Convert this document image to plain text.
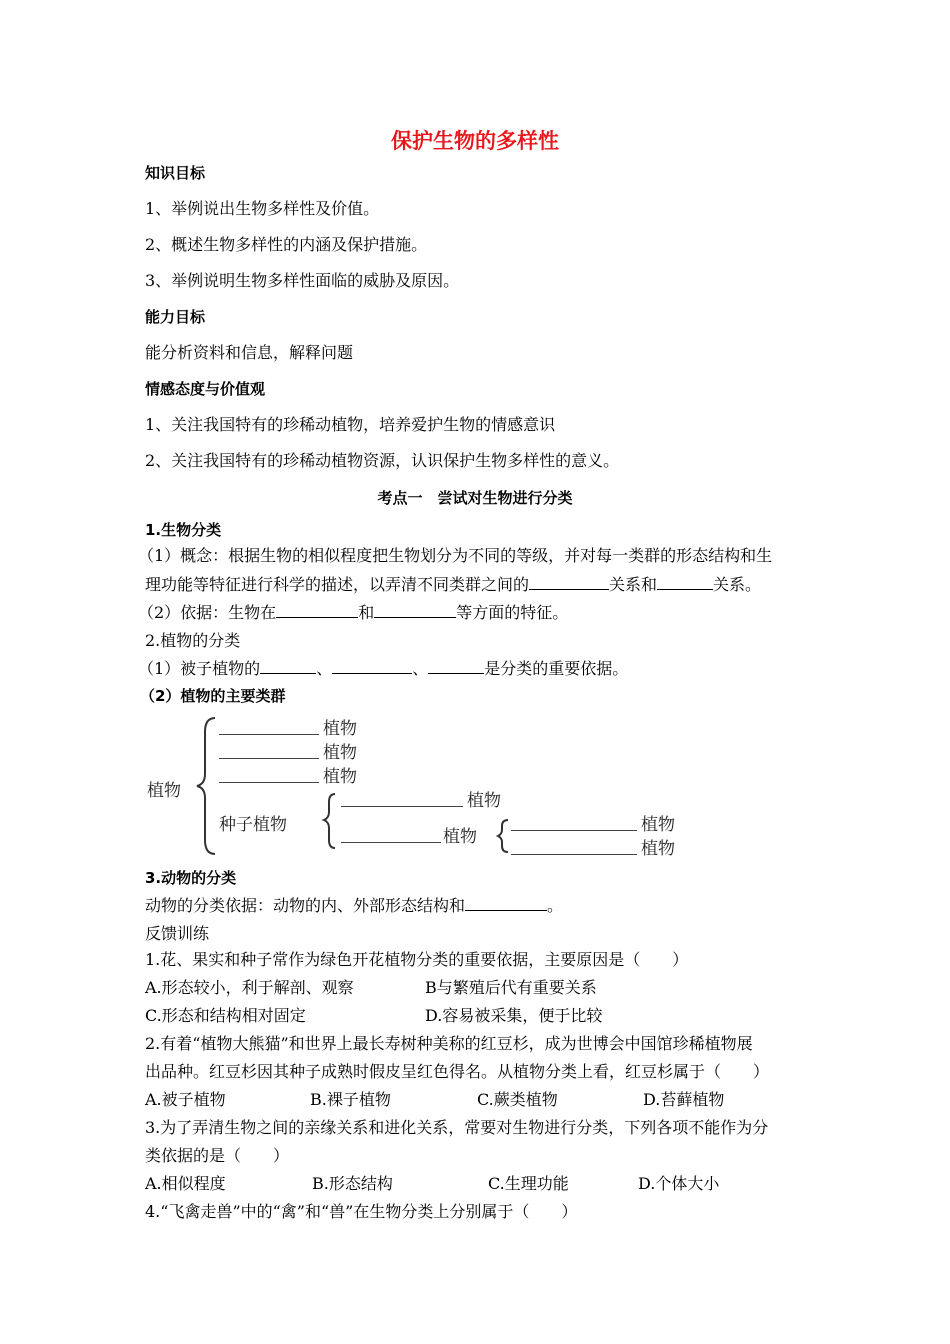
保护生物的多样性
知识目标
1、举例说出生物多样性及价值。
2、概述生物多样性的内涵及保护措施。
3、举例说明生物多样性面临的威胁及原因。
能力目标
能分析资料和信息，解释问题
情感态度与价值观
1、关注我国特有的珍稀动植物，培养爱护生物的情感意识
2、关注我国特有的珍稀动植物资源，认识保护生物多样性的意义。
考点一　尝试对生物进行分类
1.生物分类
（1）概念：根据生物的相似程度把生物划分为不同的等级，并对每一类群的形态结构和生
理功能等特征进行科学的描述，以弄清不同类群之间的	关系和	关系。
（2）依据：生物在	和	等方面的特征。
2.植物的分类
（1）被子植物的	、	、	是分类的重要依据。
（2）植物的主要类群
植物
植物
植物
植物
种子植物
植物
植物
植物
植物
3.动物的分类
动物的分类依据：动物的内、外部形态结构和	。
反馈训练
1.花、果实和种子常作为绿色开花植物分类的重要依据，主要原因是（　　）
A.形态较小，利于解剖、观察	B与繁殖后代有重要关系
C.形态和结构相对固定	D.容易被采集，便于比较
2.有着“植物大熊猫”和世界上最长寿树种美称的红豆杉，成为世博会中国馆珍稀植物展
出品种。红豆杉因其种子成熟时假皮呈红色得名。从植物分类上看，红豆杉属于（　　）
A.被子植物	B.裸子植物	C.蕨类植物	D.苔藓植物
3.为了弄清生物之间的亲缘关系和进化关系，常要对生物进行分类，下列各项不能作为分
类依据的是（　　）
A.相似程度	B.形态结构	C.生理功能	D.个体大小
4.“飞禽走兽”中的“禽”和“兽”在生物分类上分别属于（　　）
